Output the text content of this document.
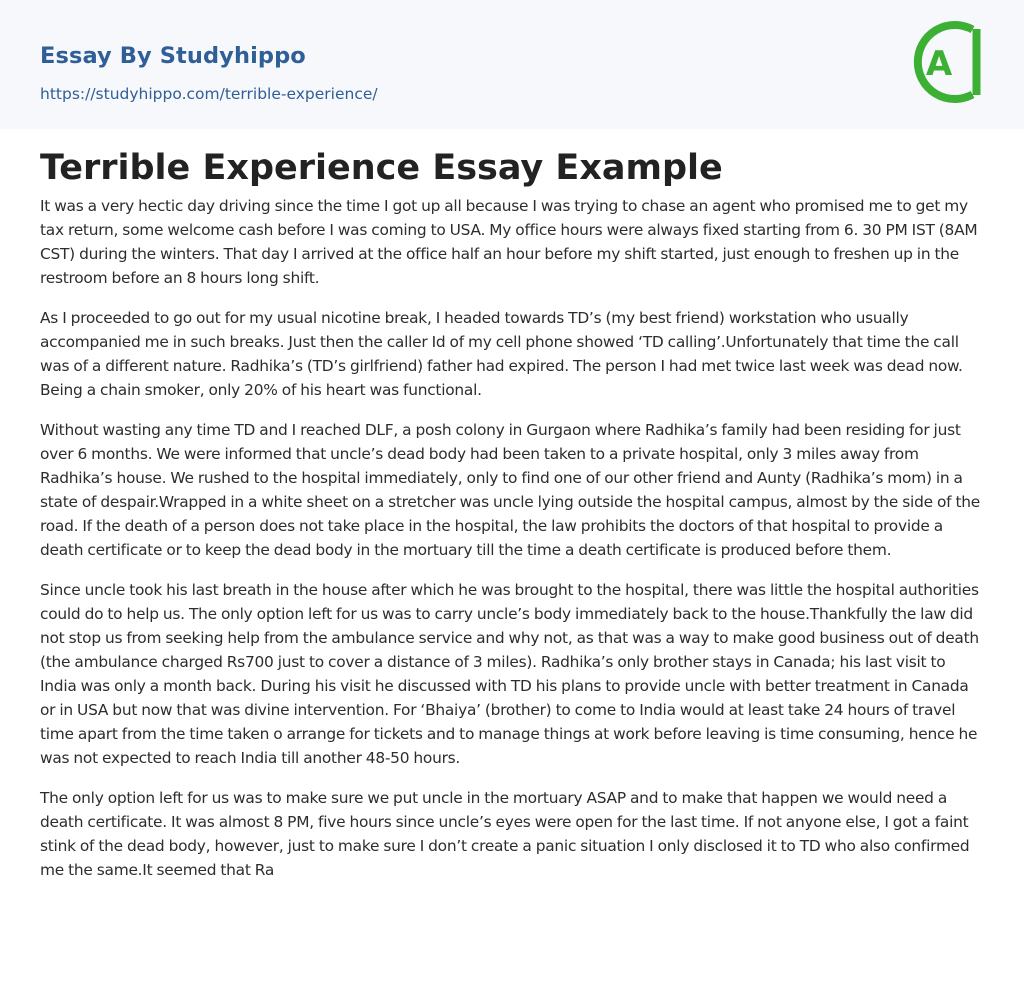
Essay By Studyhippo
https://studyhippo.com/terrible-experience/
A
Terrible Experience Essay Example

It was a very hectic day driving since the time I got up all because I was trying to chase an agent who promised me to get my tax return, some welcome cash before I was coming to USA. My office hours were always fixed starting from 6. 30 PM IST (8AM CST) during the winters. That day I arrived at the office half an hour before my shift started, just enough to freshen up in the restroom before an 8 hours long shift.

As I proceeded to go out for my usual nicotine break, I headed towards TD’s (my best friend) workstation who usually accompanied me in such breaks. Just then the caller Id of my cell phone showed ‘TD calling’.Unfortunately that time the call was of a different nature. Radhika’s (TD’s girlfriend) father had expired. The person I had met twice last week was dead now. Being a chain smoker, only 20% of his heart was functional.

Without wasting any time TD and I reached DLF, a posh colony in Gurgaon where Radhika’s family had been residing for just over 6 months. We were informed that uncle’s dead body had been taken to a private hospital, only 3 miles away from Radhika’s house. We rushed to the hospital immediately, only to find one of our other friend and Aunty (Radhika’s mom) in a state of despair.Wrapped in a white sheet on a stretcher was uncle lying outside the hospital campus, almost by the side of the road. If the death of a person does not take place in the hospital, the law prohibits the doctors of that hospital to provide a death certificate or to keep the dead body in the mortuary till the time a death certificate is produced before them.

Since uncle took his last breath in the house after which he was brought to the hospital, there was little the hospital authorities could do to help us. The only option left for us was to carry uncle’s body immediately back to the house.Thankfully the law did not stop us from seeking help from the ambulance service and why not, as that was a way to make good business out of death (the ambulance charged Rs700 just to cover a distance of 3 miles). Radhika’s only brother stays in Canada; his last visit to India was only a month back. During his visit he discussed with TD his plans to provide uncle with better treatment in Canada or in USA but now that was divine intervention. For ‘Bhaiya’ (brother) to come to India would at least take 24 hours of travel time apart from the time taken o arrange for tickets and to manage things at work before leaving is time consuming, hence he was not expected to reach India till another 48-50 hours.

The only option left for us was to make sure we put uncle in the mortuary ASAP and to make that happen we would need a death certificate. It was almost 8 PM, five hours since uncle’s eyes were open for the last time. If not anyone else, I got a faint stink of the dead body, however, just to make sure I don’t create a panic situation I only disclosed it to TD who also confirmed me the same.It seemed that Ra
